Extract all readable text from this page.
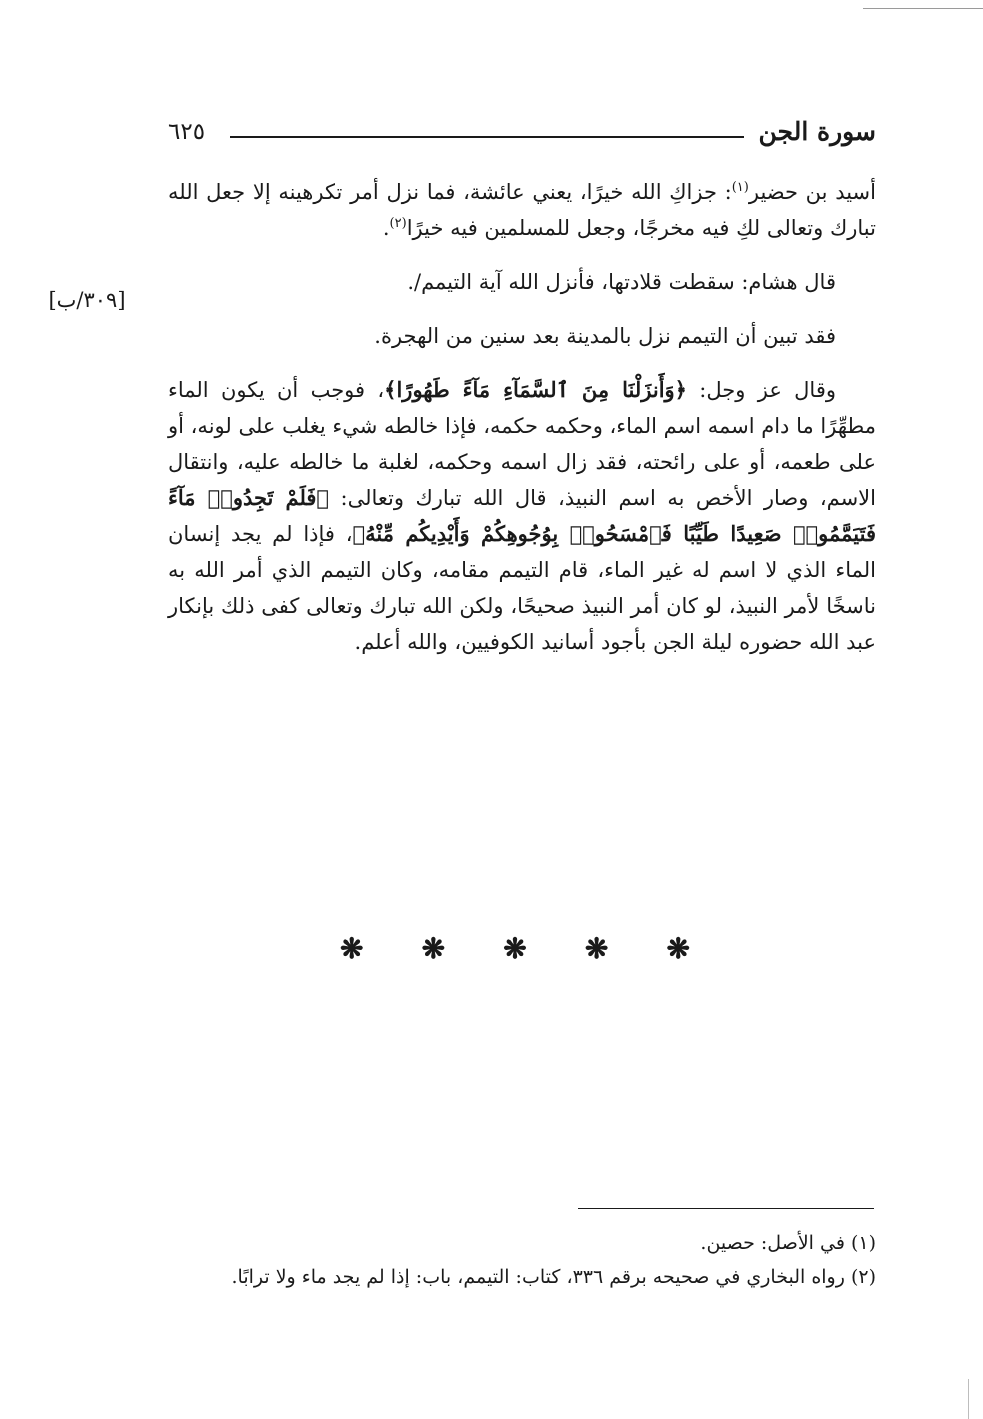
سورة الجن
٦٢٥
[٣٠٩/ب]

أسيد بن حضير$^{(١)}$: جزاكِ الله خيرًا، يعني عائشة، فما نزل أمر تكرهينه إلا جعل الله تبارك وتعالى لكِ فيه مخرجًا، وجعل للمسلمين فيه خيرًا$^{(٢)}$.

قال هشام: سقطت قلادتها، فأنزل الله آية التيمم/.

فقد تبين أن التيمم نزل بالمدينة بعد سنين من الهجرة.

وقال عز وجل: ﴿وَأَنزَلْنَا مِنَ ٱلسَّمَآءِ مَآءً طَهُورًا﴾، فوجب أن يكون الماء مطهِّرًا ما دام اسمه اسم الماء، وحكمه حكمه، فإذا خالطه شيء يغلب على لونه، أو على طعمه، أو على رائحته، فقد زال اسمه وحكمه، لغلبة ما خالطه عليه، وانتقال الاسم، وصار الأخص به اسم النبيذ، قال الله تبارك وتعالى: ﴿فَلَمْ تَجِدُوا۟ مَآءً فَتَيَمَّمُوا۟ صَعِيدًا طَيِّبًا فَٱمْسَحُوا۟ بِوُجُوهِكُمْ وَأَيْدِيكُم مِّنْهُ﴾، فإذا لم يجد إنسان الماء الذي لا اسم له غير الماء، قام التيمم مقامه، وكان التيمم الذي أمر الله به ناسخًا لأمر النبيذ، لو كان أمر النبيذ صحيحًا، ولكن الله تبارك وتعالى كفى ذلك بإنكار عبد الله حضوره ليلة الجن بأجود أسانيد الكوفيين، والله أعلم.

❋ ❋ ❋ ❋ ❋
(١) في الأصل: حصين.
(٢) رواه البخاري في صحيحه برقم ٣٣٦، كتاب: التيمم، باب: إذا لم يجد ماء ولا ترابًا.
